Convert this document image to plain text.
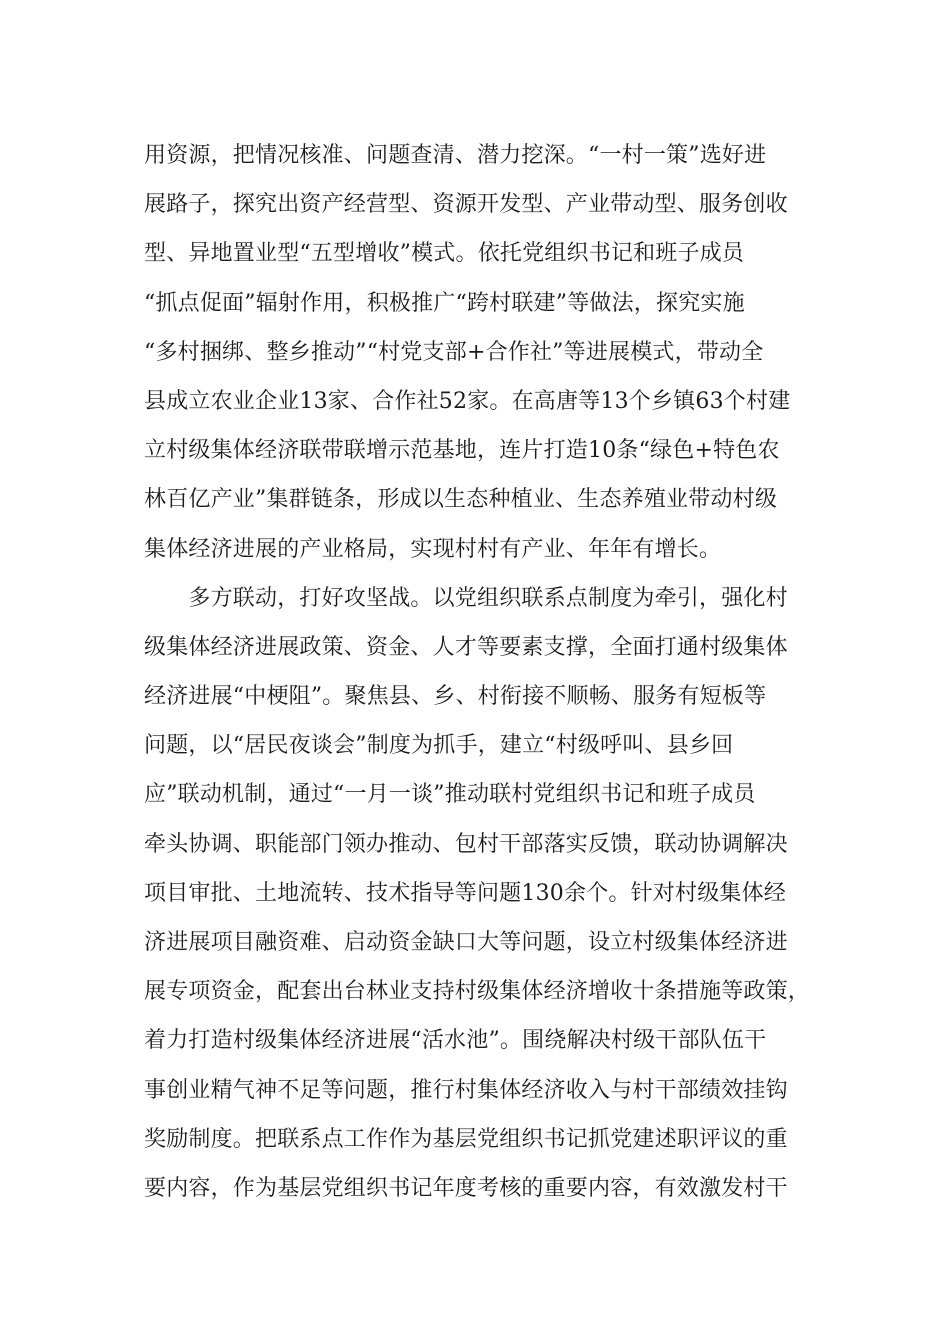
用资源，把情况核准、问题查清、潜力挖深。“一村一策”选好进
展路子，探究出资产经营型、资源开发型、产业带动型、服务创收
型、异地置业型“五型增收”模式。依托党组织书记和班子成员
“抓点促面”辐射作用，积极推广“跨村联建”等做法，探究实施
“多村捆绑、整乡推动”“村党支部+合作社”等进展模式，带动全
县成立农业企业13家、合作社52家。在高唐等13个乡镇63个村建
立村级集体经济联带联增示范基地，连片打造10条“绿色+特色农
林百亿产业”集群链条，形成以生态种植业、生态养殖业带动村级
集体经济进展的产业格局，实现村村有产业、年年有增长。
　　多方联动，打好攻坚战。以党组织联系点制度为牵引，强化村
级集体经济进展政策、资金、人才等要素支撑，全面打通村级集体
经济进展“中梗阻”。聚焦县、乡、村衔接不顺畅、服务有短板等
问题，以“居民夜谈会”制度为抓手，建立“村级呼叫、县乡回
应”联动机制，通过“一月一谈”推动联村党组织书记和班子成员
牵头协调、职能部门领办推动、包村干部落实反馈，联动协调解决
项目审批、土地流转、技术指导等问题130余个。针对村级集体经
济进展项目融资难、启动资金缺口大等问题，设立村级集体经济进
展专项资金，配套出台林业支持村级集体经济增收十条措施等政策，
着力打造村级集体经济进展“活水池”。围绕解决村级干部队伍干
事创业精气神不足等问题，推行村集体经济收入与村干部绩效挂钩
奖励制度。把联系点工作作为基层党组织书记抓党建述职评议的重
要内容，作为基层党组织书记年度考核的重要内容，有效激发村干
